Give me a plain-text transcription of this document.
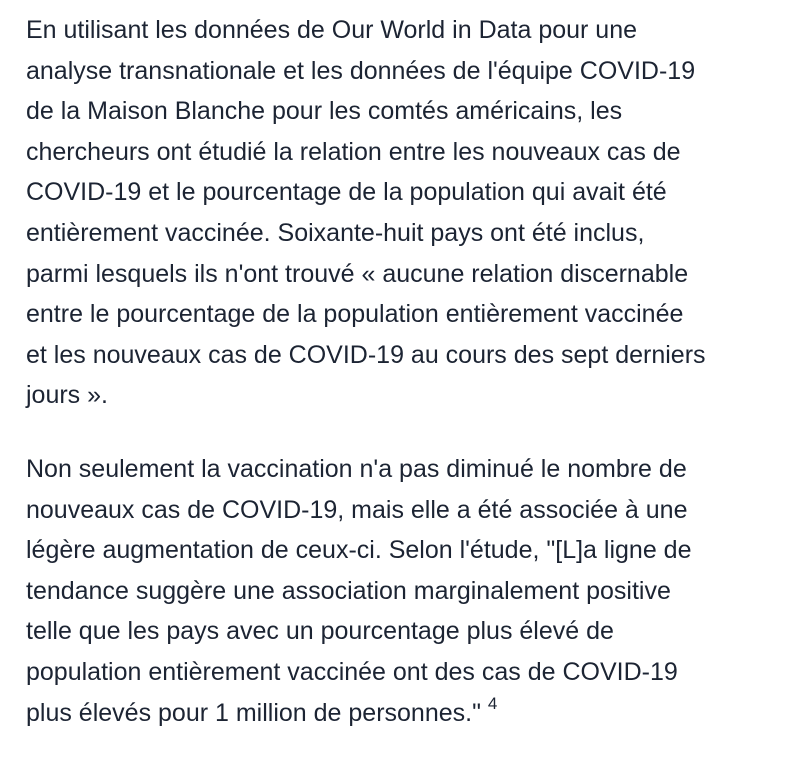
En utilisant les données de Our World in Data pour une
analyse transnationale et les données de l'équipe COVID-19
de la Maison Blanche pour les comtés américains, les
chercheurs ont étudié la relation entre les nouveaux cas de
COVID-19 et le pourcentage de la population qui avait été
entièrement vaccinée. Soixante-huit pays ont été inclus,
parmi lesquels ils n'ont trouvé « aucune relation discernable
entre le pourcentage de la population entièrement vaccinée
et les nouveaux cas de COVID-19 au cours des sept derniers
jours ».

Non seulement la vaccination n'a pas diminué le nombre de
nouveaux cas de COVID-19, mais elle a été associée à une
légère augmentation de ceux-ci. Selon l'étude, "[L]a ligne de
tendance suggère une association marginalement positive
telle que les pays avec un pourcentage plus élevé de
population entièrement vaccinée ont des cas de COVID-19
plus élevés pour 1 million de personnes." $^4$
